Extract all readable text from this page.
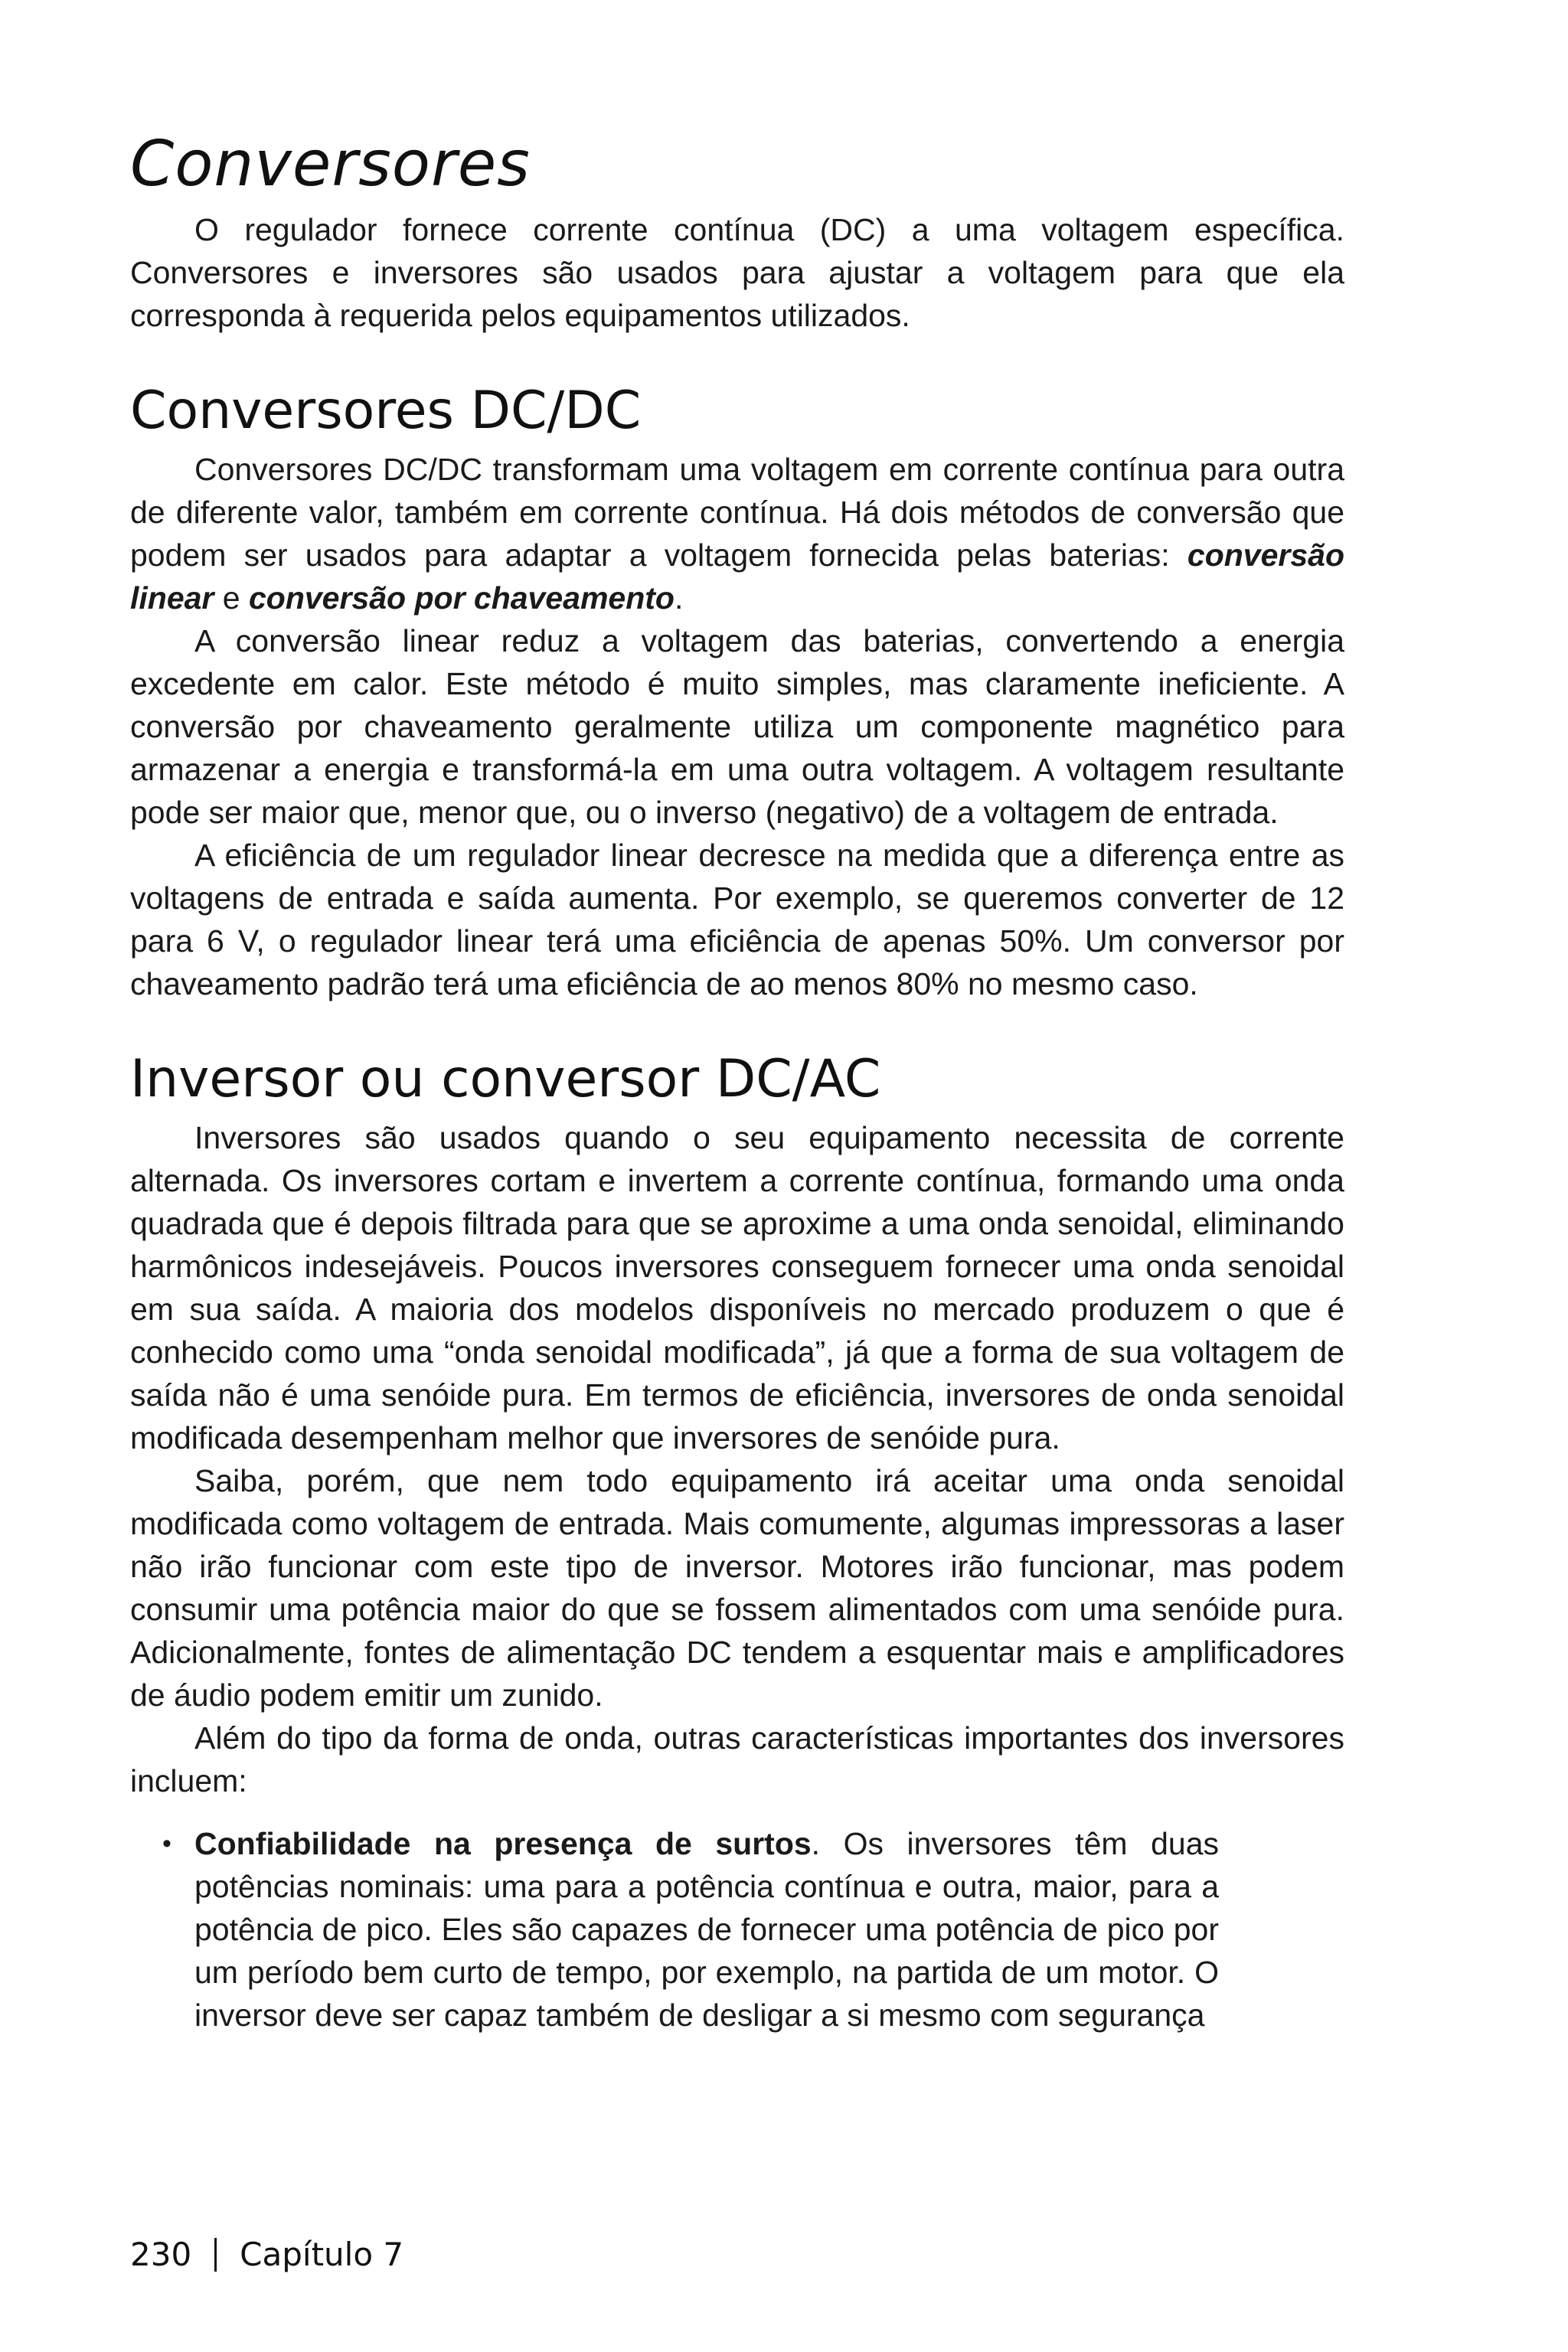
Conversores

O regulador fornece corrente contínua (DC) a uma voltagem específica. Conversores e inversores são usados para ajustar a voltagem para que ela corresponda à requerida pelos equipamentos utilizados.

Conversores DC/DC

Conversores DC/DC transformam uma voltagem em corrente contínua para outra de diferente valor, também em corrente contínua. Há dois métodos de conversão que podem ser usados para adaptar a voltagem fornecida pelas baterias: conversão linear e conversão por chaveamento.

A conversão linear reduz a voltagem das baterias, convertendo a energia excedente em calor. Este método é muito simples, mas claramente ineficiente. A conversão por chaveamento geralmente utiliza um componente magnético para armazenar a energia e transformá-la em uma outra voltagem. A voltagem resultante pode ser maior que, menor que, ou o inverso (negativo) de a voltagem de entrada.

A eficiência de um regulador linear decresce na medida que a diferença entre as voltagens de entrada e saída aumenta. Por exemplo, se queremos converter de 12 para 6 V, o regulador linear terá uma eficiência de apenas 50%. Um conversor por chaveamento padrão terá uma eficiência de ao menos 80% no mesmo caso.

Inversor ou conversor DC/AC

Inversores são usados quando o seu equipamento necessita de corrente alternada. Os inversores cortam e invertem a corrente contínua, formando uma onda quadrada que é depois filtrada para que se aproxime a uma onda senoidal, eliminando harmônicos indesejáveis. Poucos inversores conseguem fornecer uma onda senoidal em sua saída. A maioria dos modelos disponíveis no mercado produzem o que é conhecido como uma “onda senoidal modificada”, já que a forma de sua voltagem de saída não é uma senóide pura. Em termos de eficiência, inversores de onda senoidal modificada desempenham melhor que inversores de senóide pura.

Saiba, porém, que nem todo equipamento irá aceitar uma onda senoidal modificada como voltagem de entrada. Mais comumente, algumas impressoras a laser não irão funcionar com este tipo de inversor. Motores irão funcionar, mas podem consumir uma potência maior do que se fossem alimentados com uma senóide pura. Adicionalmente, fontes de alimentação DC tendem a esquentar mais e amplificadores de áudio podem emitir um zunido.

Além do tipo da forma de onda, outras características importantes dos inversores incluem:

• Confiabilidade na presença de surtos. Os inversores têm duas potências nominais: uma para a potência contínua e outra, maior, para a potência de pico. Eles são capazes de fornecer uma potência de pico por um período bem curto de tempo, por exemplo, na partida de um motor. O inversor deve ser capaz também de desligar a si mesmo com segurança
230 Capítulo 7
